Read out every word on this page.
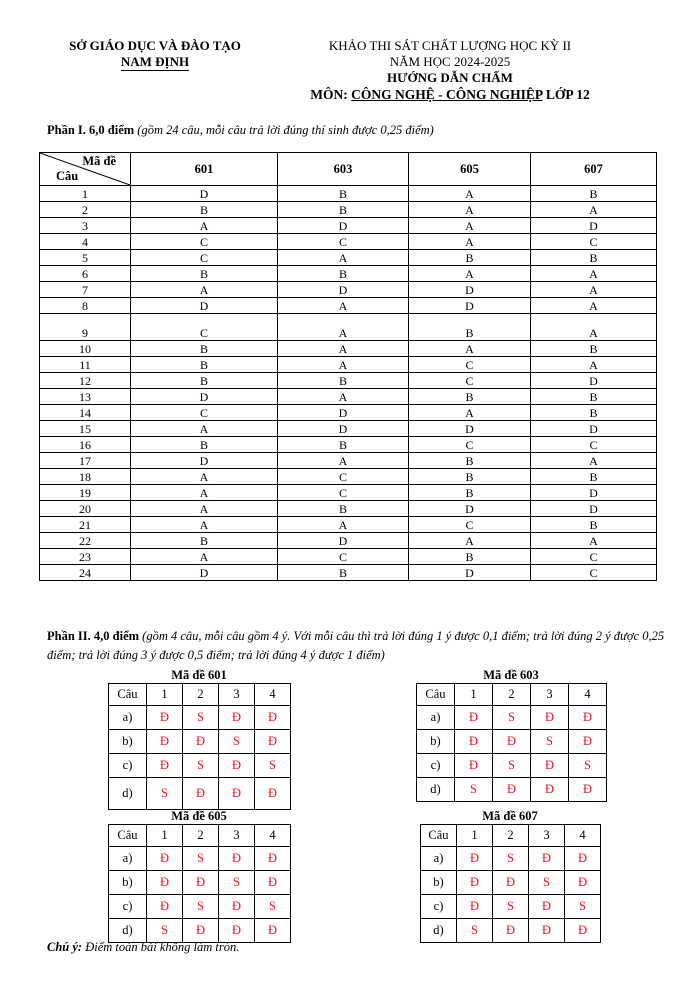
SỞ GIÁO DỤC VÀ ĐÀO TẠO
NAM ĐỊNH
KHẢO THI SÁT CHẤT LƯỢNG HỌC KỲ II
NĂM HỌC 2024-2025
HƯỚNG DẪN CHẤM
MÔN: CÔNG NGHỆ - CÔNG NGHIỆP LỚP 12
Phần I. 6,0 điểm (gồm 24 câu, mỗi câu trả lời đúng thí sinh được 0,25 điểm)
Mã đề
Câu	601	603	605	607
1	D	B	A	B
2	B	B	A	A
3	A	D	A	D
4	C	C	A	C
5	C	A	B	B
6	B	B	A	A
7	A	D	D	A
8	D	A	D	A
9	C	A	B	A
10	B	A	A	B
11	B	A	C	A
12	B	B	C	D
13	D	A	B	B
14	C	D	A	B
15	A	D	D	D
16	B	B	C	C
17	D	A	B	A
18	A	C	B	B
19	A	C	B	D
20	A	B	D	D
21	A	A	C	B
22	B	D	A	A
23	A	C	B	C
24	D	B	D	C
Phần II. 4,0 điểm (gồm 4 câu, mỗi câu gồm 4 ý. Với mỗi câu thì trả lời đúng 1 ý được 0,1 điểm; trả lời đúng 2 ý được 0,25 điểm; trả lời đúng 3 ý được 0,5 điểm; trả lời đúng 4 ý được 1 điểm)
Mã đề 601
Câu	1	2	3	4
a)	Đ	S	Đ	Đ
b)	Đ	Đ	S	Đ
c)	Đ	S	Đ	S
d)	S	Đ	Đ	Đ
Mã đề 603
Câu	1	2	3	4
a)	Đ	S	Đ	Đ
b)	Đ	Đ	S	Đ
c)	Đ	S	Đ	S
d)	S	Đ	Đ	Đ
Mã đề 605
Câu	1	2	3	4
a)	Đ	S	Đ	Đ
b)	Đ	Đ	S	Đ
c)	Đ	S	Đ	S
d)	S	Đ	Đ	Đ
Mã đề 607
Câu	1	2	3	4
a)	Đ	S	Đ	Đ
b)	Đ	Đ	S	Đ
c)	Đ	S	Đ	S
d)	S	Đ	Đ	Đ
Chú ý: Điểm toàn bài không làm tròn.
